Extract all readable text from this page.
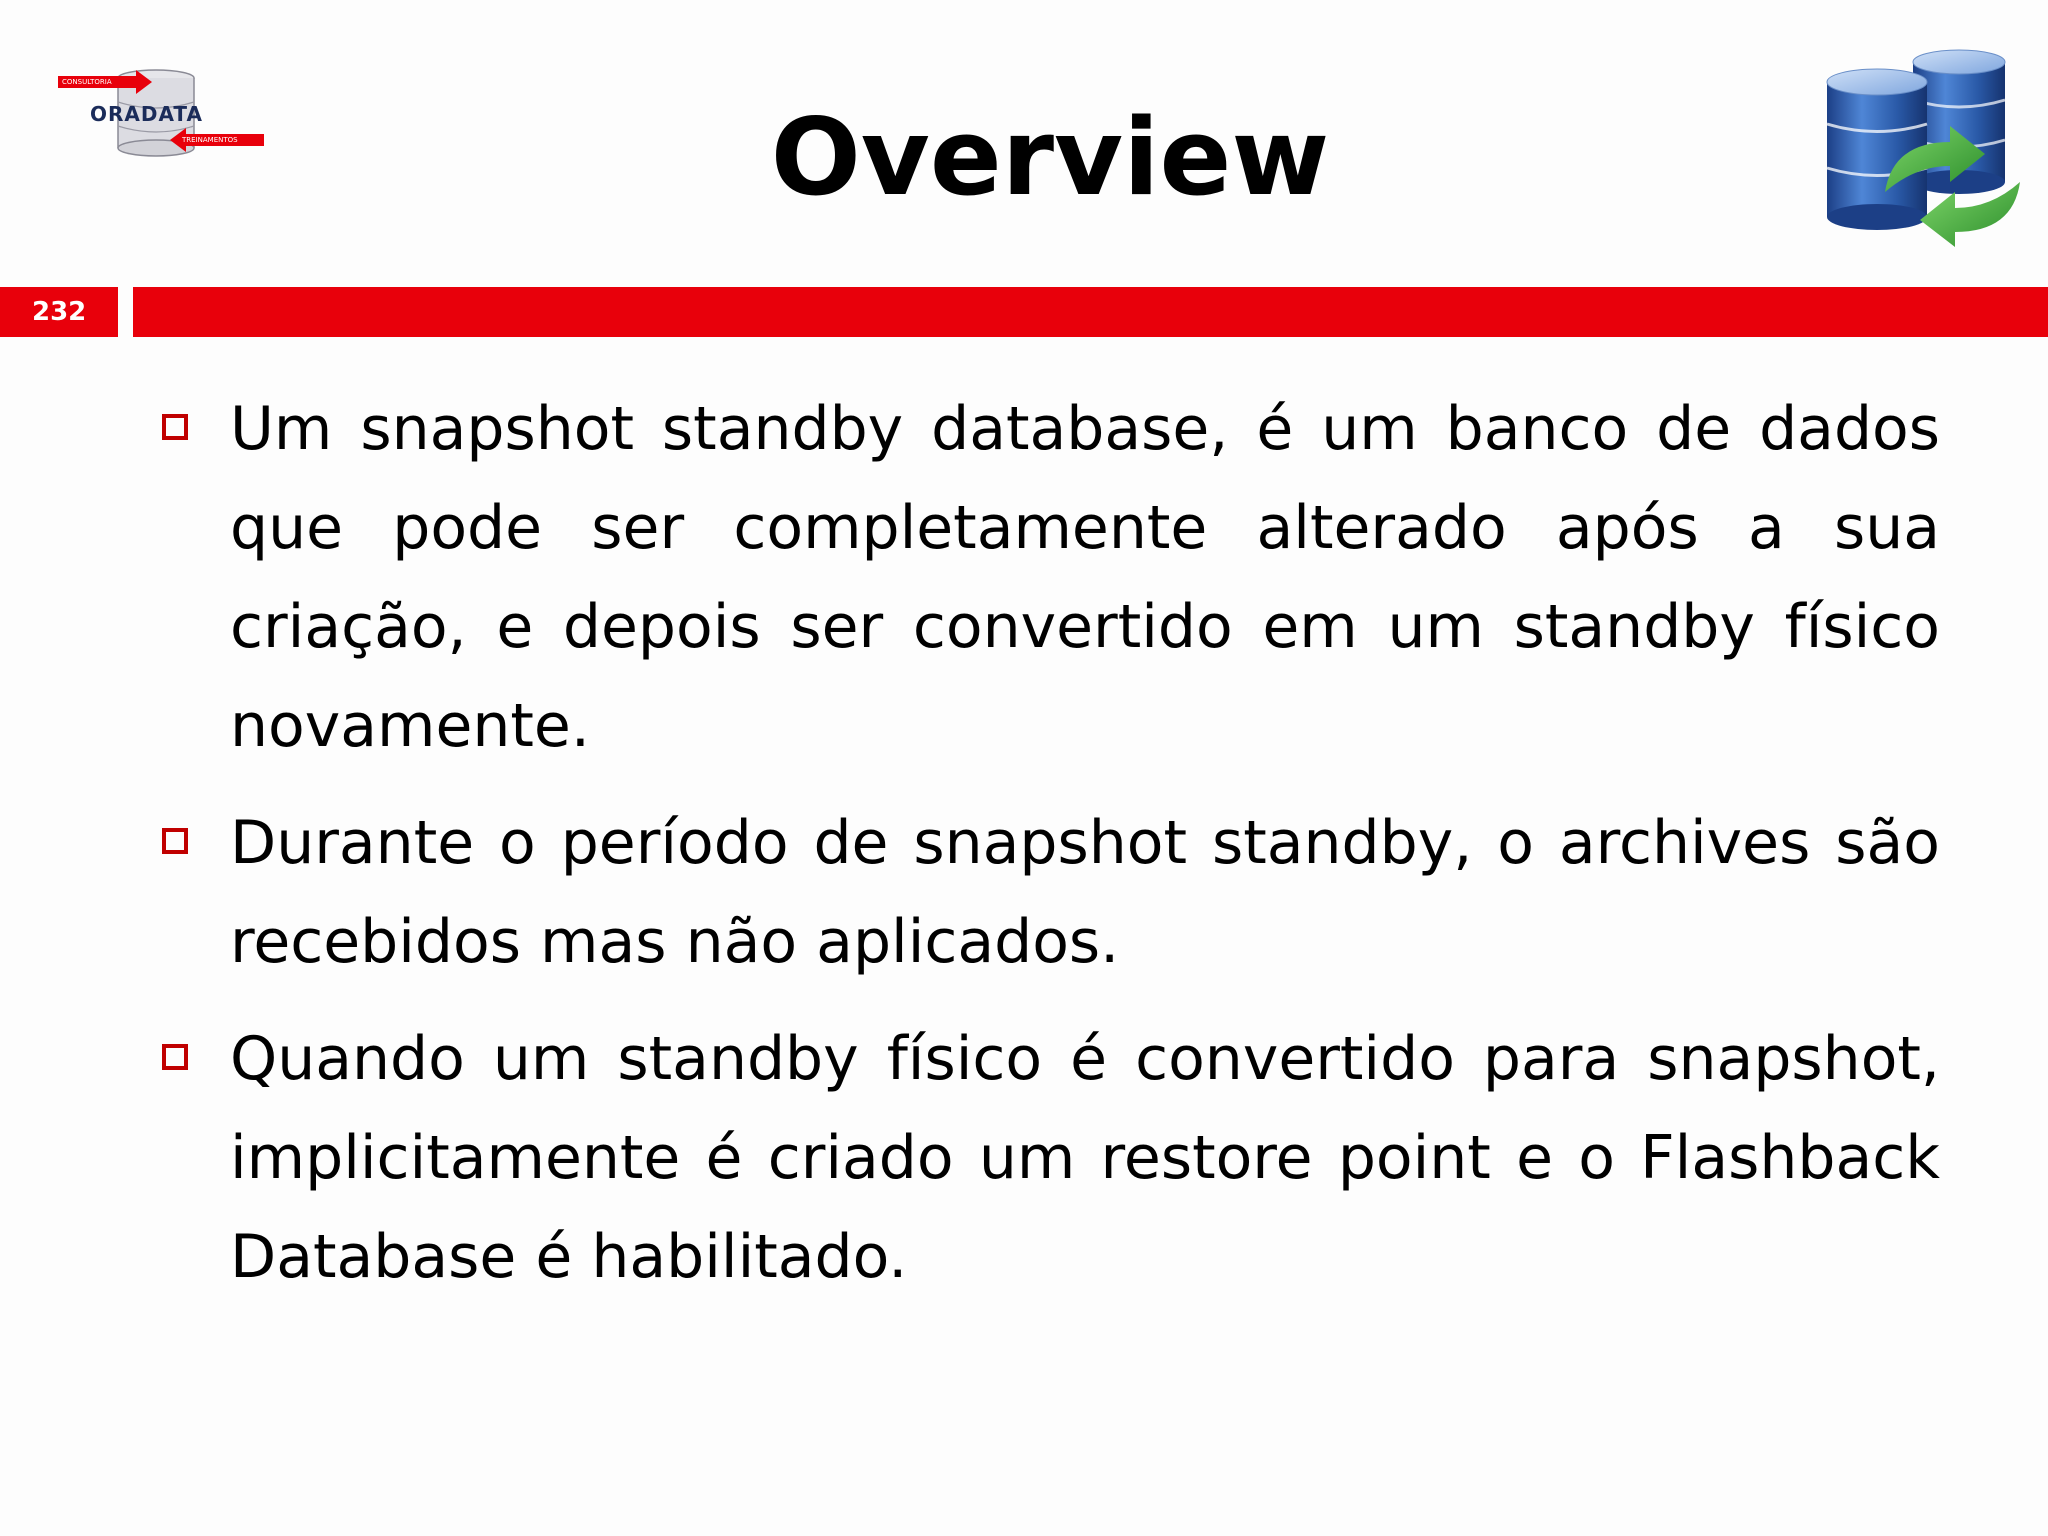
CONSULTORIA
ORADATA
TREINAMENTOS	Overview
232
Um snapshot standby database, é um banco de dados que pode ser completamente alterado após a sua criação, e depois ser convertido em um standby físico novamente.
Durante o período de snapshot standby, o archives são recebidos mas não aplicados.
Quando um standby físico é convertido para snapshot, implicitamente é criado um restore point e o Flashback Database é habilitado.
